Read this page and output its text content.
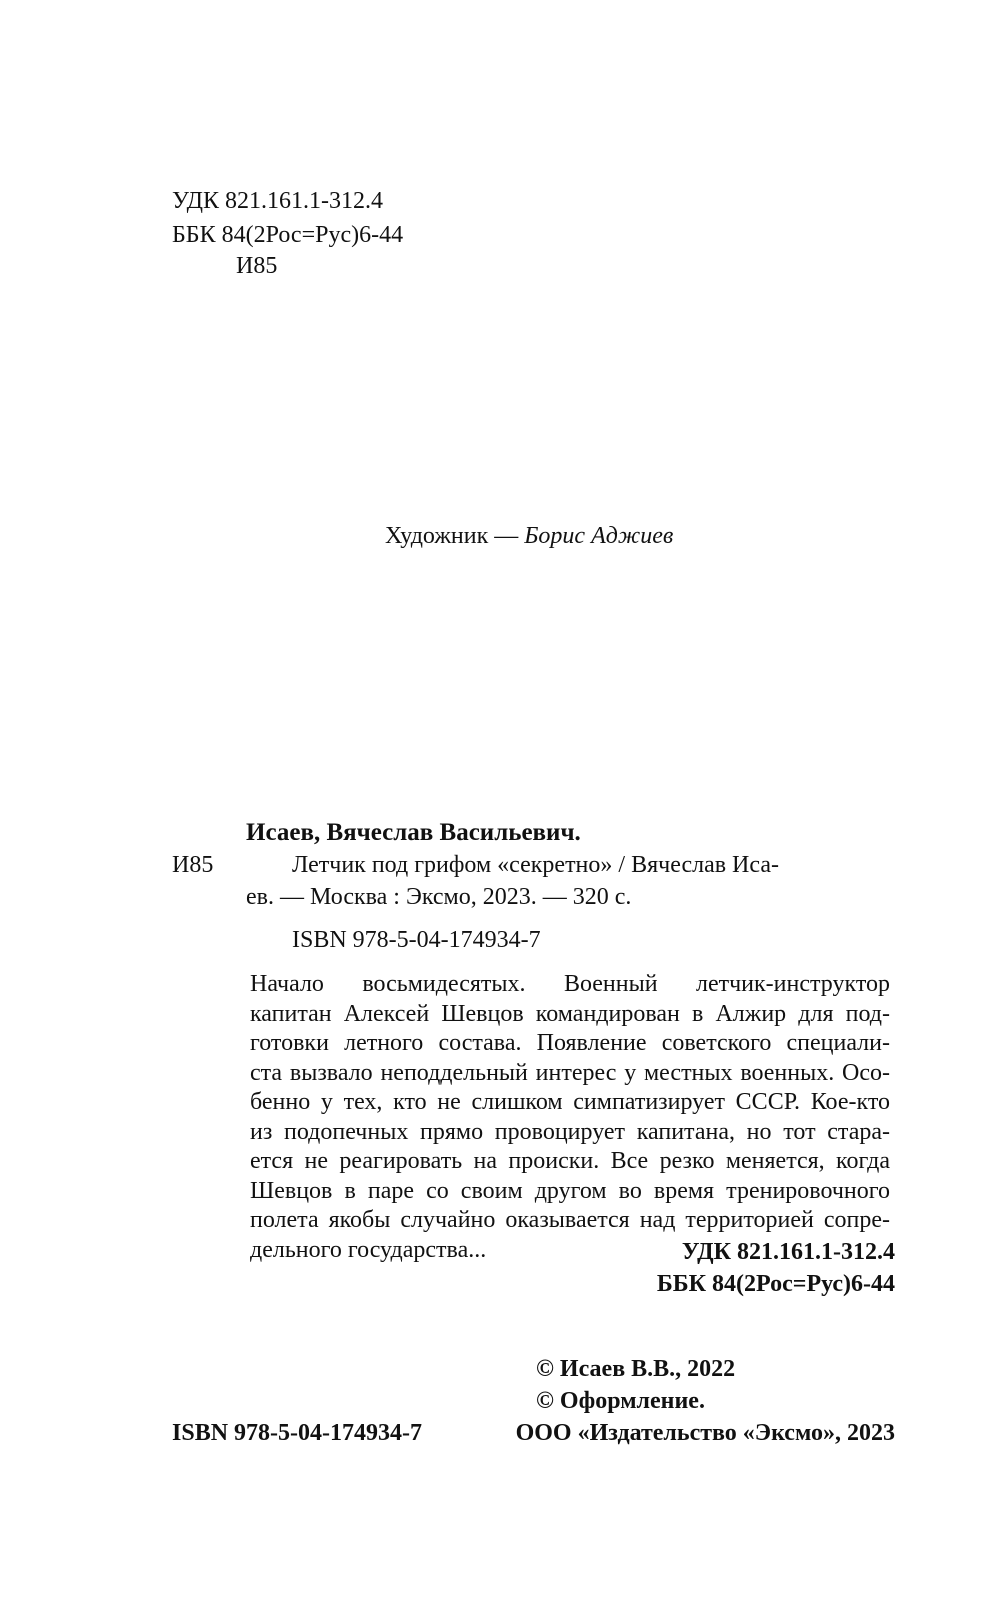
УДК 821.161.1-312.4
ББК 84(2Рос=Рус)6-44
И85
Художник — Борис Аджиев
Исаев, Вячеслав Васильевич.
И85	Летчик под грифом «секретно» / Вячеслав Иса-
ев. — Москва : Эксмо, 2023. — 320 с.
ISBN 978-5-04-174934-7
Начало восьмидесятых. Военный летчик-инструктор
капитан Алексей Шевцов командирован в Алжир для под-
готовки летного состава. Появление советского специали-
ста вызвало неподдельный интерес у местных военных. Осо-
бенно у тех, кто не слишком симпатизирует СССР. Кое-кто
из подопечных прямо провоцирует капитана, но тот стара-
ется не реагировать на происки. Все резко меняется, когда
Шевцов в паре со своим другом во время тренировочного
полета якобы случайно оказывается над территорией сопре-
дельного государства...	УДК 821.161.1-312.4
ББК 84(2Рос=Рус)6-44
© Исаев В.В., 2022
© Оформление.
ООО «Издательство «Эксмо», 2023
ISBN 978-5-04-174934-7
